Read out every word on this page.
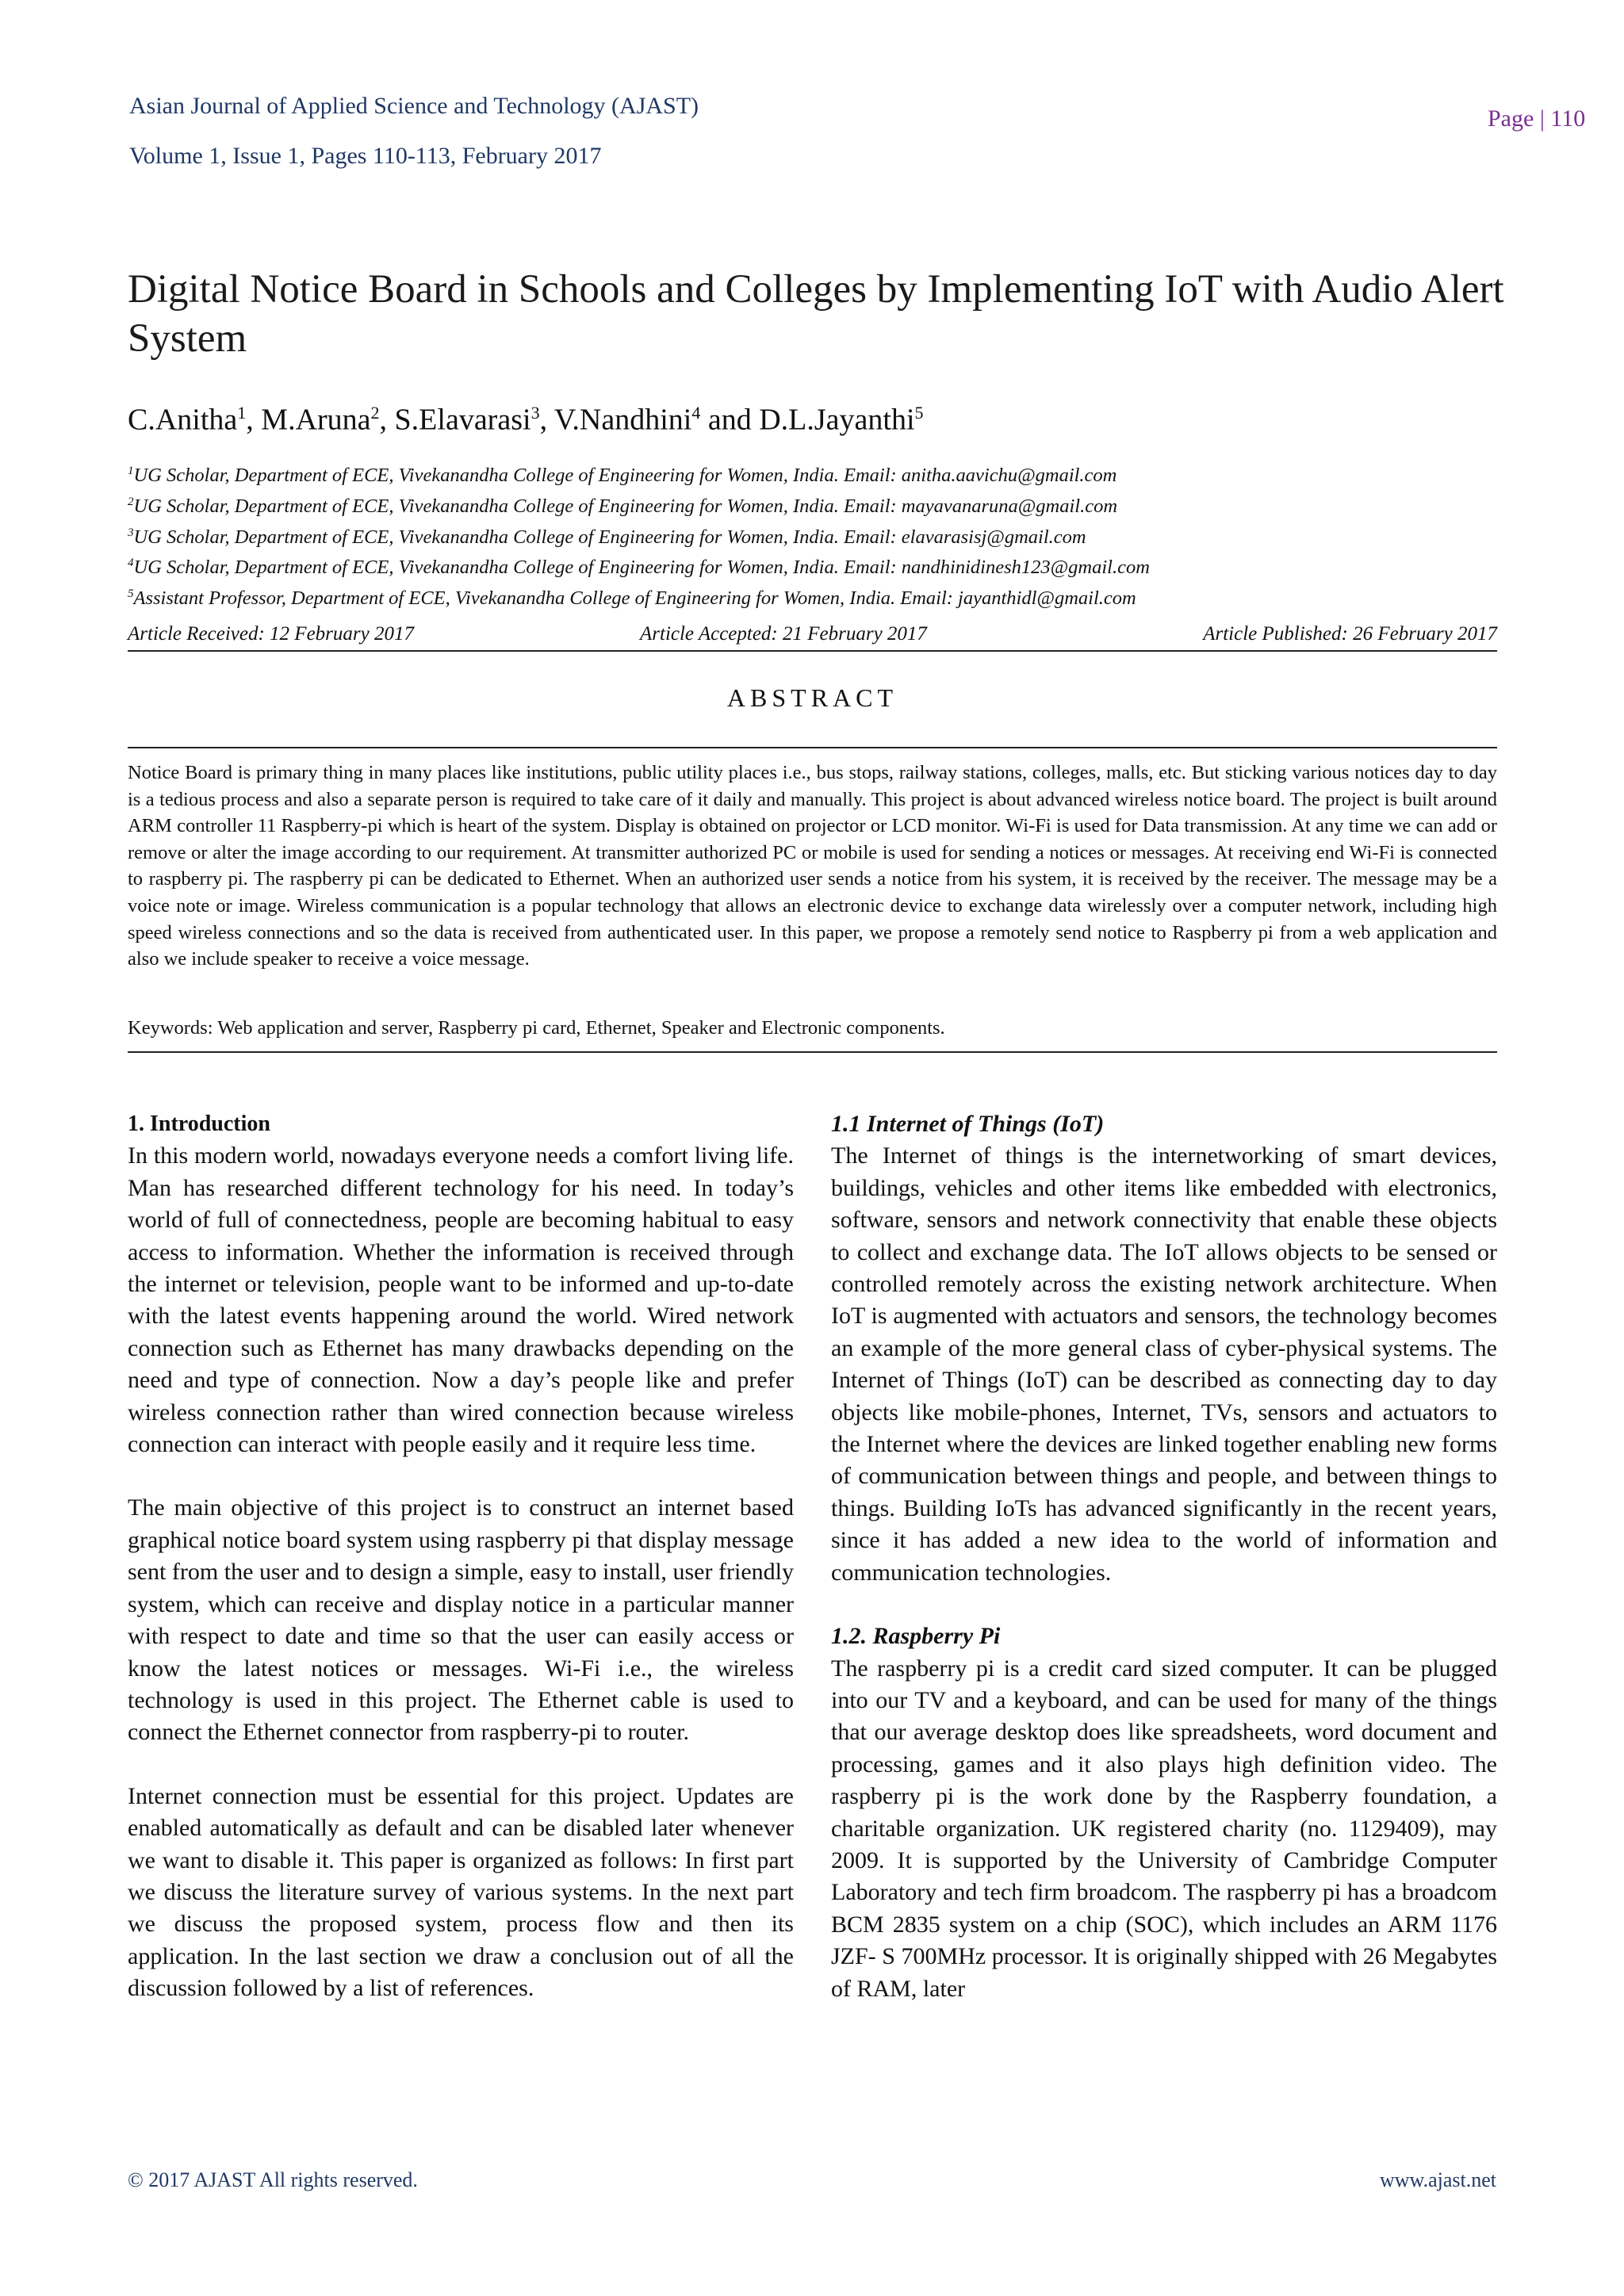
Asian Journal of Applied Science and Technology (AJAST)
Volume 1, Issue 1, Pages 110-113, February 2017
Page | 110
Digital Notice Board in Schools and Colleges by Implementing IoT with Audio Alert System
C.Anitha$^1$, M.Aruna$^2$, S.Elavarasi$^3$, V.Nandhini$^4$ and D.L.Jayanthi$^5$
$^1$UG Scholar, Department of ECE, Vivekanandha College of Engineering for Women, India. Email: anitha.aavichu@gmail.com
$^2$UG Scholar, Department of ECE, Vivekanandha College of Engineering for Women, India. Email: mayavanaruna@gmail.com
$^3$UG Scholar, Department of ECE, Vivekanandha College of Engineering for Women, India. Email: elavarasisj@gmail.com
$^4$UG Scholar, Department of ECE, Vivekanandha College of Engineering for Women, India. Email: nandhinidinesh123@gmail.com
$^5$Assistant Professor, Department of ECE, Vivekanandha College of Engineering for Women, India. Email: jayanthidl@gmail.com
Article Received: 12 February 2017	Article Accepted: 21 February 2017	Article Published: 26 February 2017
ABSTRACT
Notice Board is primary thing in many places like institutions, public utility places i.e., bus stops, railway stations, colleges, malls, etc. But sticking various notices day to day is a tedious process and also a separate person is required to take care of it daily and manually. This project is about advanced wireless notice board. The project is built around ARM controller 11 Raspberry-pi which is heart of the system. Display is obtained on projector or LCD monitor. Wi-Fi is used for Data transmission. At any time we can add or remove or alter the image according to our requirement. At transmitter authorized PC or mobile is used for sending a notices or messages. At receiving end Wi-Fi is connected to raspberry pi. The raspberry pi can be dedicated to Ethernet. When an authorized user sends a notice from his system, it is received by the receiver. The message may be a voice note or image. Wireless communication is a popular technology that allows an electronic device to exchange data wirelessly over a computer network, including high speed wireless connections and so the data is received from authenticated user. In this paper, we propose a remotely send notice to Raspberry pi from a web application and also we include speaker to receive a voice message.
Keywords: Web application and server, Raspberry pi card, Ethernet, Speaker and Electronic components.

1. Introduction

In this modern world, nowadays everyone needs a comfort living life. Man has researched different technology for his need. In today’s world of full of connectedness, people are becoming habitual to easy access to information. Whether the information is received through the internet or television, people want to be informed and up-to-date with the latest events happening around the world. Wired network connection such as Ethernet has many drawbacks depending on the need and type of connection. Now a day’s people like and prefer wireless connection rather than wired connection because wireless connection can interact with people easily and it require less time.

The main objective of this project is to construct an internet based graphical notice board system using raspberry pi that display message sent from the user and to design a simple, easy to install, user friendly system, which can receive and display notice in a particular manner with respect to date and time so that the user can easily access or know the latest notices or messages. Wi-Fi i.e., the wireless technology is used in this project. The Ethernet cable is used to connect the Ethernet connector from raspberry-pi to router.

Internet connection must be essential for this project. Updates are enabled automatically as default and can be disabled later whenever we want to disable it. This paper is organized as follows: In first part we discuss the literature survey of various systems. In the next part we discuss the proposed system, process flow and then its application. In the last section we draw a conclusion out of all the discussion followed by a list of references.

1.1 Internet of Things (IoT)

The Internet of things is the internetworking of smart devices, buildings, vehicles and other items like embedded with electronics, software, sensors and network connectivity that enable these objects to collect and exchange data. The IoT allows objects to be sensed or controlled remotely across the existing network architecture. When IoT is augmented with actuators and sensors, the technology becomes an example of the more general class of cyber-physical systems. The Internet of Things (IoT) can be described as connecting day to day objects like mobile-phones, Internet, TVs, sensors and actuators to the Internet where the devices are linked together enabling new forms of communication between things and people, and between things to things. Building IoTs has advanced significantly in the recent years, since it has added a new idea to the world of information and communication technologies.

1.2. Raspberry Pi

The raspberry pi is a credit card sized computer. It can be plugged into our TV and a keyboard, and can be used for many of the things that our average desktop does like spreadsheets, word document and processing, games and it also plays high definition video. The raspberry pi is the work done by the Raspberry foundation, a charitable organization. UK registered charity (no. 1129409), may 2009. It is supported by the University of Cambridge Computer Laboratory and tech firm broadcom. The raspberry pi has a broadcom BCM 2835 system on a chip (SOC), which includes an ARM 1176 JZF- S 700MHz processor. It is originally shipped with 26 Megabytes of RAM, later

© 2017 AJAST All rights reserved.	www.ajast.net
